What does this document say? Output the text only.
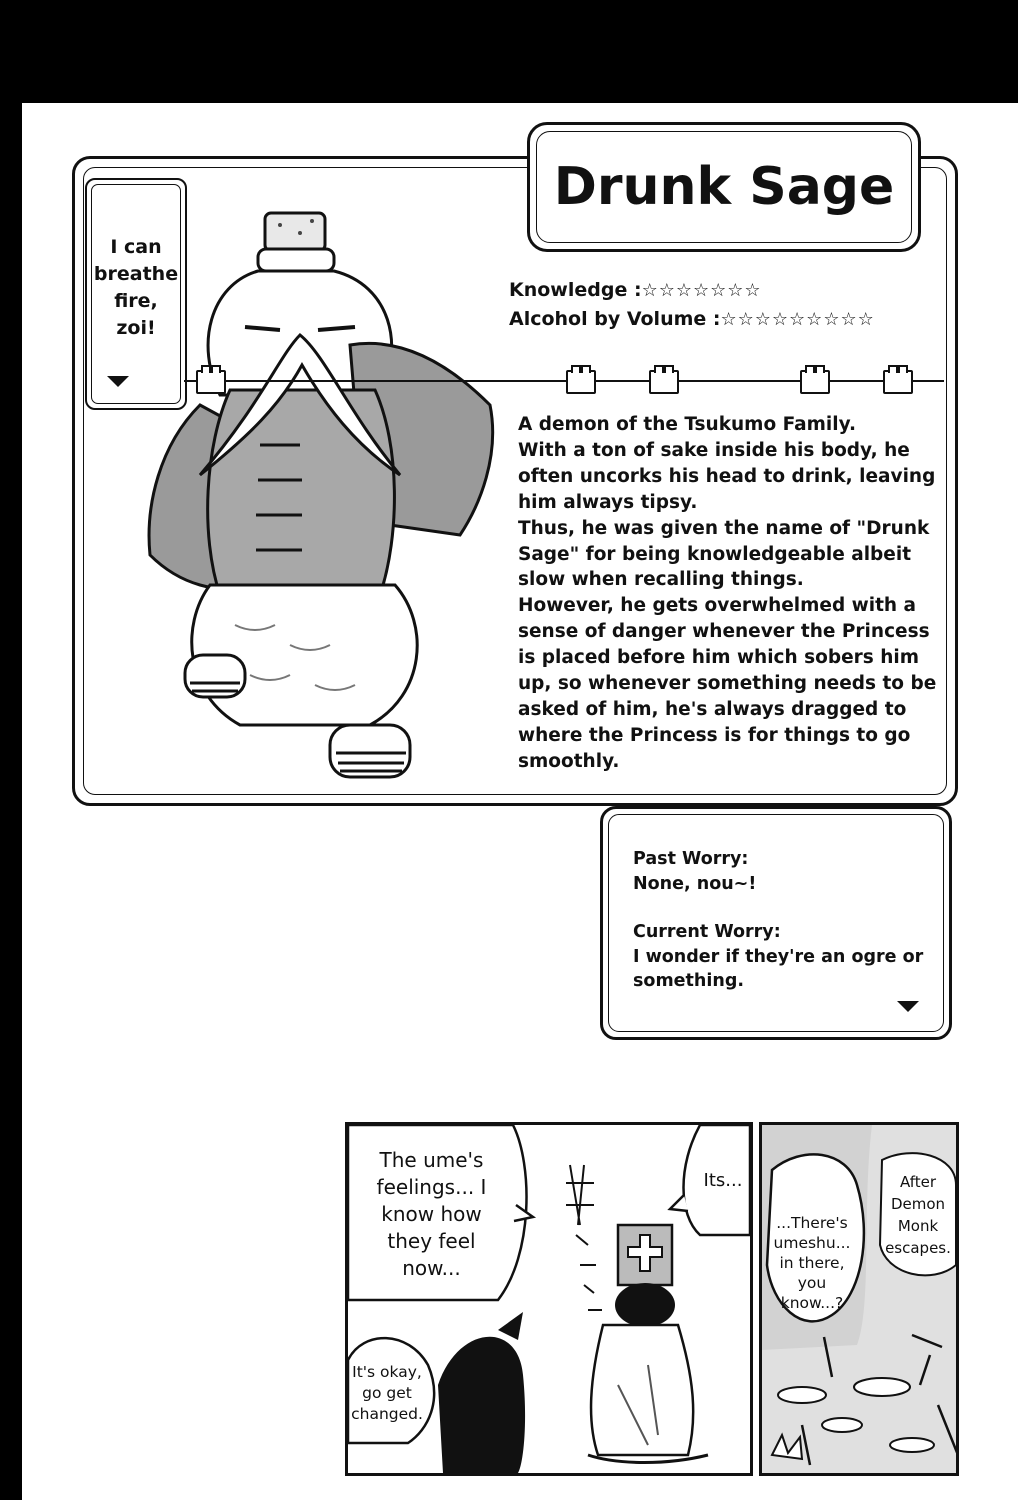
I can breathe fire, zoi!
Drunk Sage
Knowledge :☆☆☆☆☆☆☆
Alcohol by Volume :☆☆☆☆☆☆☆☆☆

A demon of the Tsukumo Family.

With a ton of sake inside his body, he often uncorks his head to drink, leaving him always tipsy.

Thus, he was given the name of "Drunk Sage" for being knowledgeable albeit slow when recalling things.

However, he gets overwhelmed with a sense of danger whenever the Princess is placed before him which sobers him up, so whenever something needs to be asked of him, he's always dragged to where the Princess is for things to go smoothly.

Past Worry:

None, nou~!

Current Worry:

I wonder if they're an ogre or something.

The ume's feelings... I know how they feel now...
Its...
It's okay, go get changed.
...There's umeshu... in there, you know...?
After Demon Monk escapes.
